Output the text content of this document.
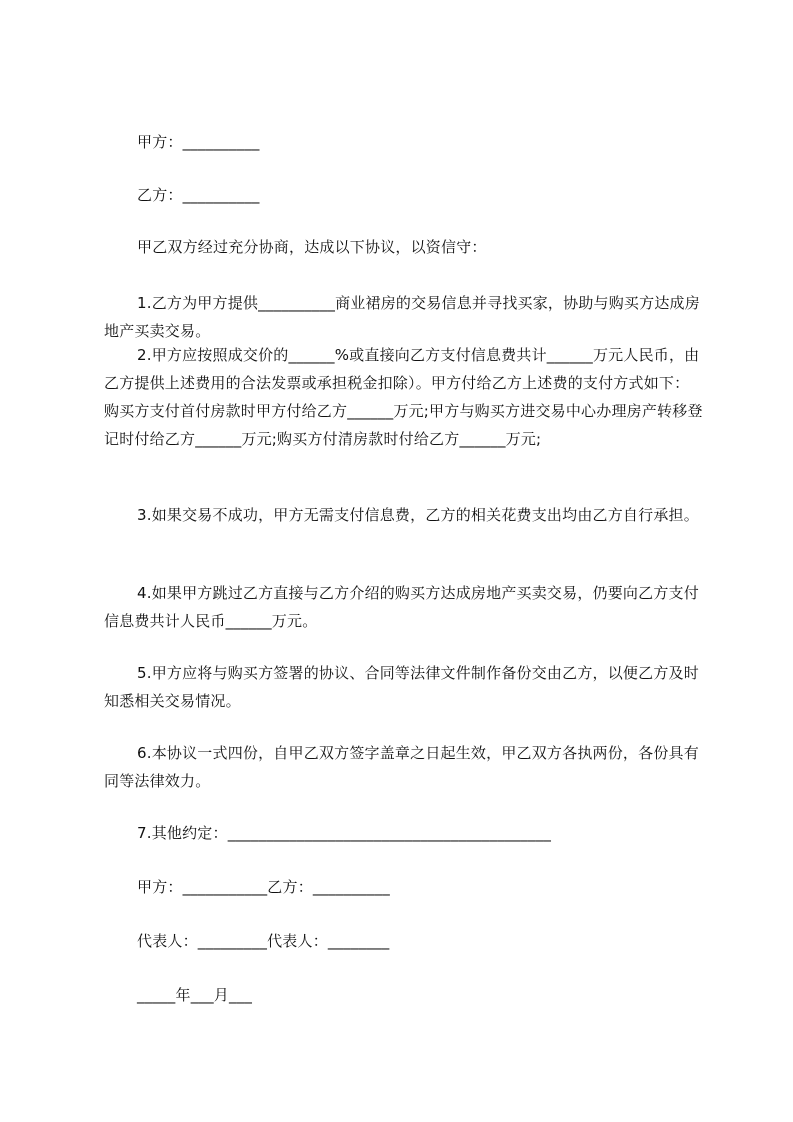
甲方：__________
乙方：__________
甲乙双方经过充分协商，达成以下协议，以资信守：
1.乙方为甲方提供__________商业裙房的交易信息并寻找买家，协助与购买方达成房地产买卖交易。
2.甲方应按照成交价的______%或直接向乙方支付信息费共计______万元人民币，由乙方提供上述费用的合法发票或承担税金扣除）。甲方付给乙方上述费的支付方式如下：购买方支付首付房款时甲方付给乙方______万元;甲方与购买方进交易中心办理房产转移登记时付给乙方______万元;购买方付清房款时付给乙方______万元;
3.如果交易不成功，甲方无需支付信息费，乙方的相关花费支出均由乙方自行承担。
4.如果甲方跳过乙方直接与乙方介绍的购买方达成房地产买卖交易，仍要向乙方支付信息费共计人民币______万元。
5.甲方应将与购买方签署的协议、合同等法律文件制作备份交由乙方，以便乙方及时知悉相关交易情况。
6.本协议一式四份，自甲乙双方签字盖章之日起生效，甲乙双方各执两份，各份具有同等法律效力。
7.其他约定：__________________________________________
甲方：___________乙方：__________
代表人：_________代表人：________
_____年___月___
